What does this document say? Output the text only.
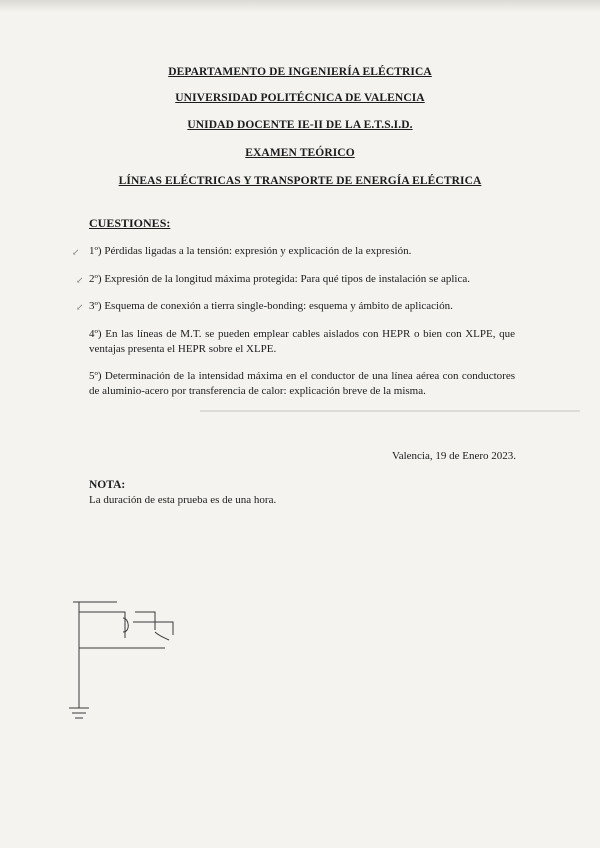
DEPARTAMENTO DE INGENIERÍA ELÉCTRICA
UNIVERSIDAD POLITÉCNICA DE VALENCIA
UNIDAD DOCENTE IE-II DE LA E.T.S.I.D.
EXAMEN TEÓRICO
LÍNEAS ELÉCTRICAS Y TRANSPORTE DE ENERGÍA ELÉCTRICA
CUESTIONES:
↙ 1º) Pérdidas ligadas a la tensión: expresión y explicación de la expresión.
↙ 2º) Expresión de la longitud máxima protegida: Para qué tipos de instalación se aplica.
↙ 3º) Esquema de conexión a tierra single-bonding: esquema y ámbito de aplicación.
4º) En las líneas de M.T. se pueden emplear cables aislados con HEPR o bien con XLPE, que ventajas presenta el HEPR sobre el XLPE.
5º) Determinación de la intensidad máxima en el conductor de una línea aérea con conductores de aluminio-acero por transferencia de calor: explicación breve de la misma.
Valencia, 19 de Enero 2023.
NOTA:
La duración de esta prueba es de una hora.
